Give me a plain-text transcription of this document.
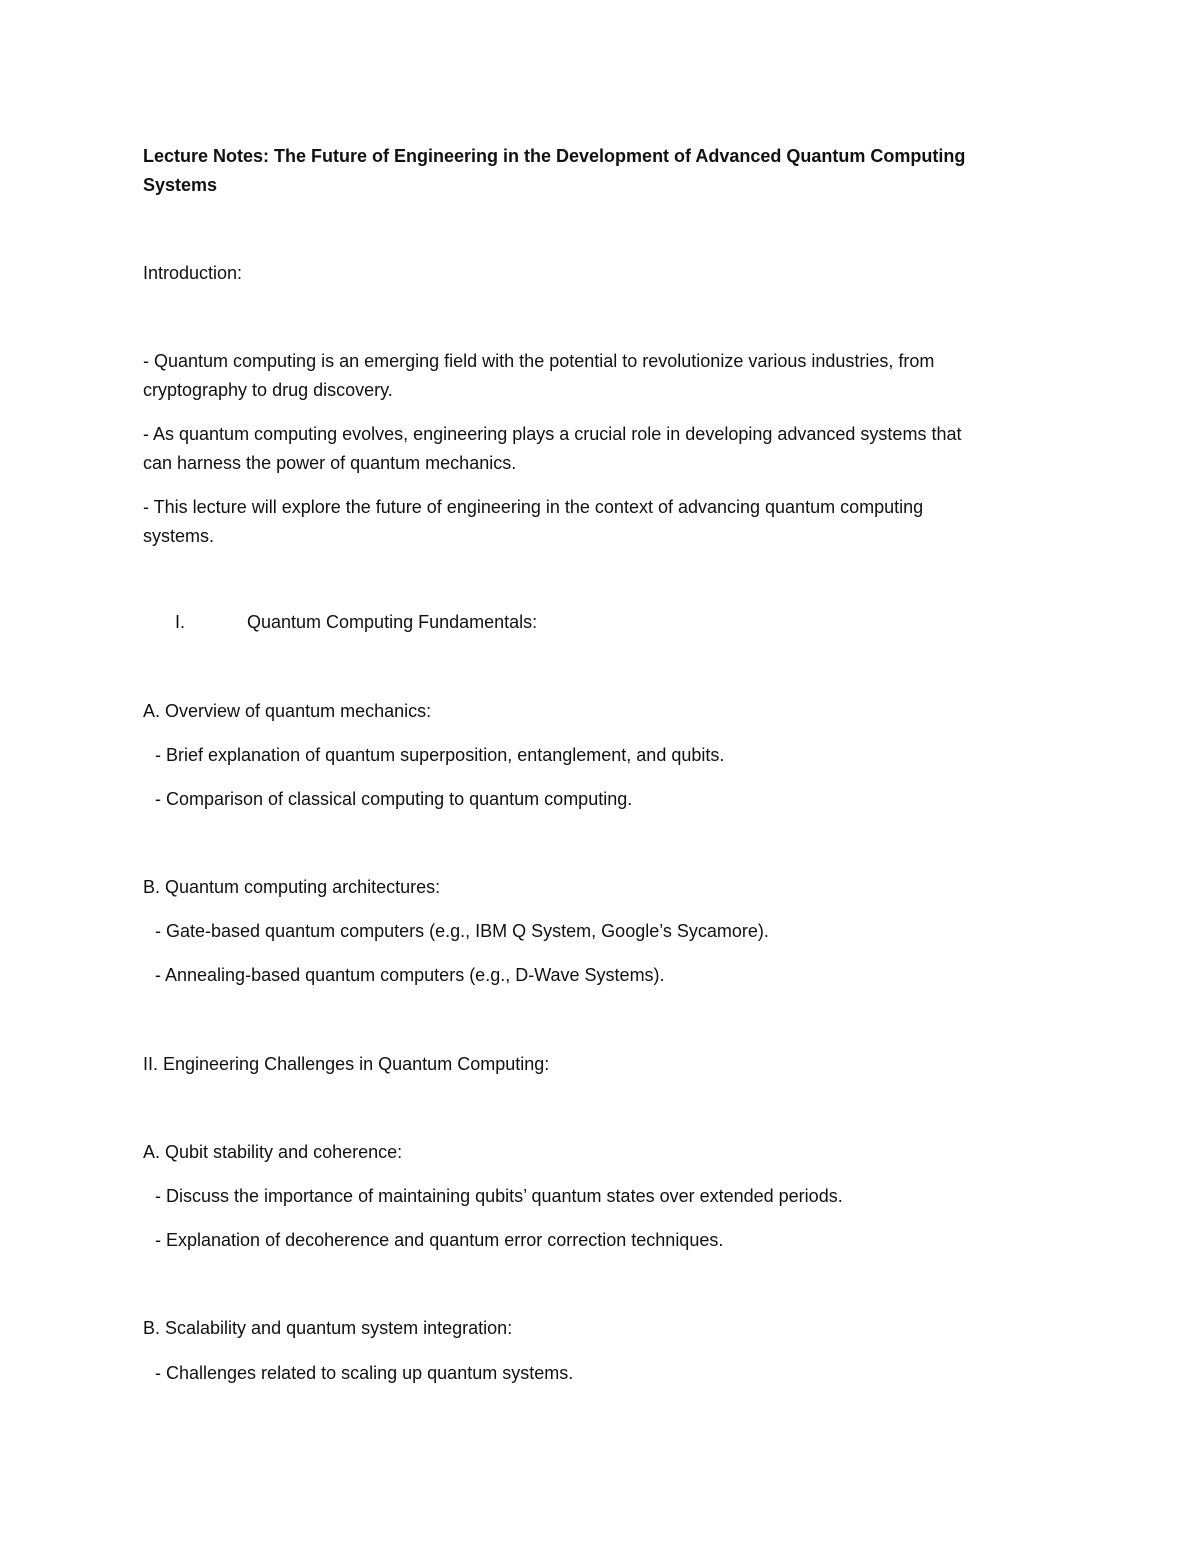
Lecture Notes: The Future of Engineering in the Development of Advanced Quantum Computing

Systems

Introduction:

- Quantum computing is an emerging field with the potential to revolutionize various industries, from

cryptography to drug discovery.

- As quantum computing evolves, engineering plays a crucial role in developing advanced systems that

can harness the power of quantum mechanics.

- This lecture will explore the future of engineering in the context of advancing quantum computing

systems.

I.	Quantum Computing Fundamentals:

A. Overview of quantum mechanics:

- Brief explanation of quantum superposition, entanglement, and qubits.

- Comparison of classical computing to quantum computing.

B. Quantum computing architectures:

- Gate-based quantum computers (e.g., IBM Q System, Google’s Sycamore).

- Annealing-based quantum computers (e.g., D-Wave Systems).

II. Engineering Challenges in Quantum Computing:

A. Qubit stability and coherence:

- Discuss the importance of maintaining qubits’ quantum states over extended periods.

- Explanation of decoherence and quantum error correction techniques.

B. Scalability and quantum system integration:

- Challenges related to scaling up quantum systems.
